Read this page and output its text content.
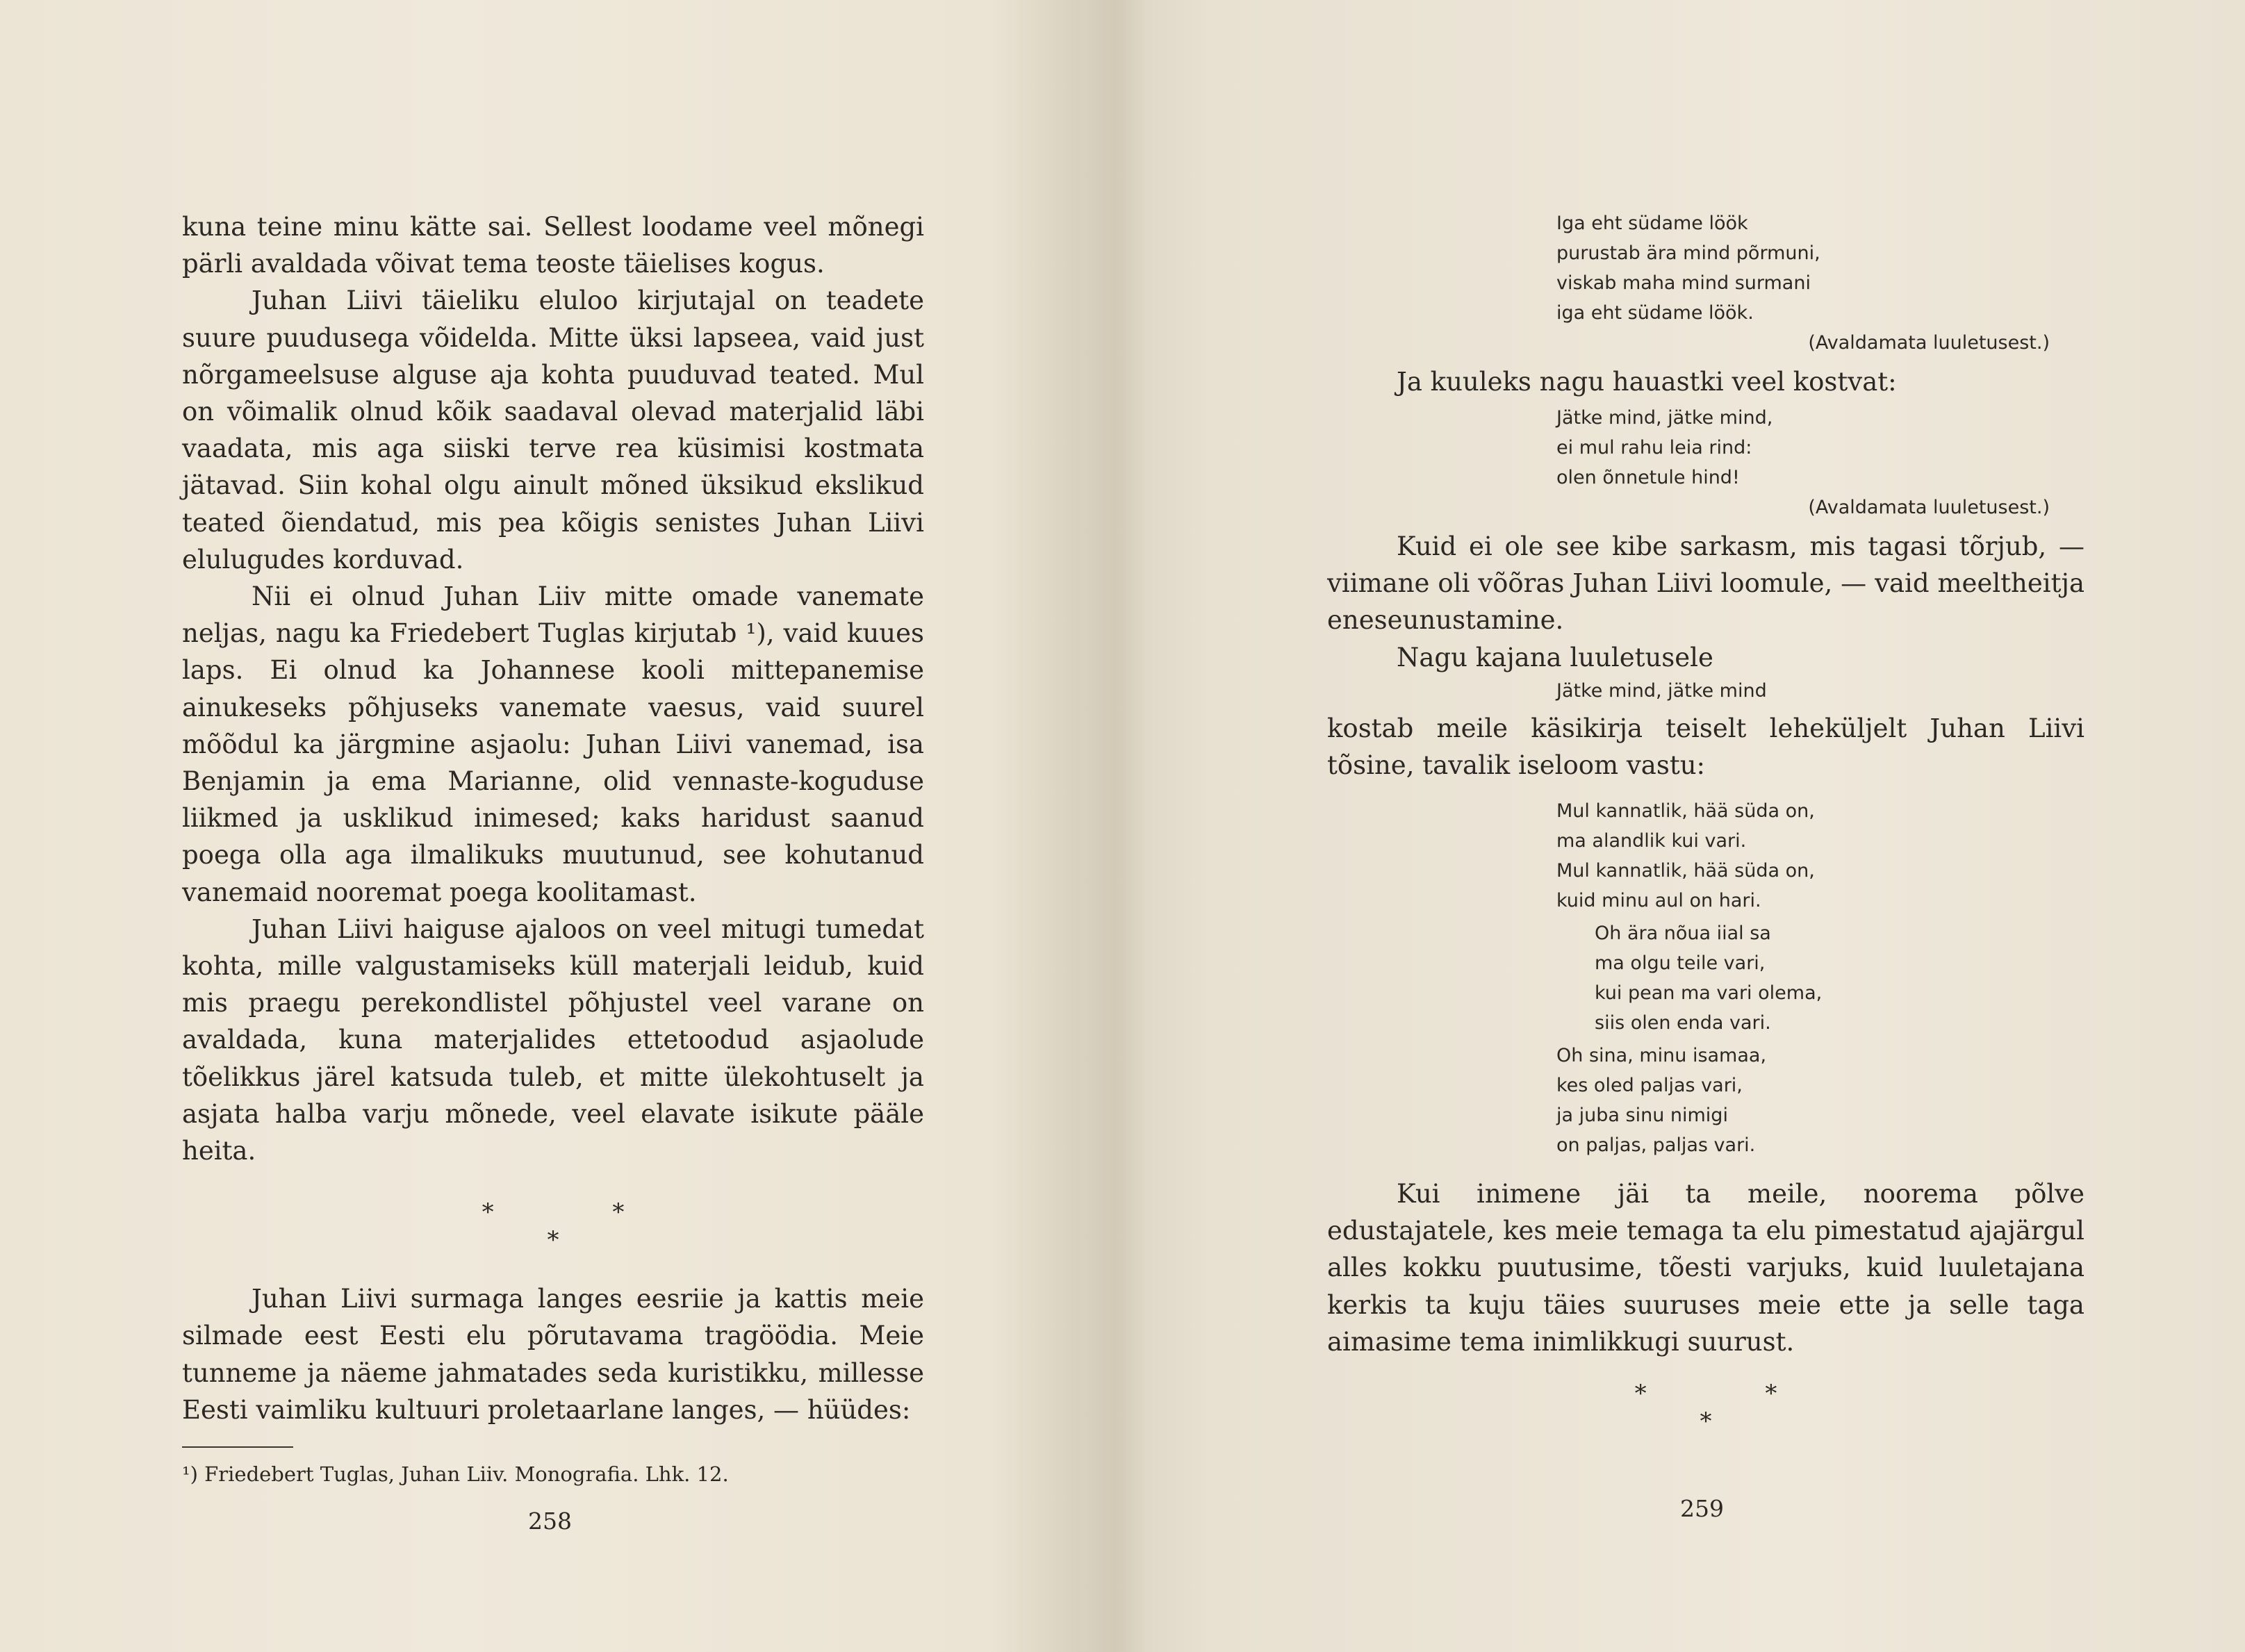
kuna teine minu kätte sai. Sellest loodame veel mõnegi pärli avaldada võivat tema teoste täielises kogus.

Juhan Liivi täieliku eluloo kirjutajal on teadete suure puudusega võidelda. Mitte üksi lapseea, vaid just nõrgameelsuse alguse aja kohta puuduvad teated. Mul on võimalik olnud kõik saadaval olevad materjalid läbi vaadata, mis aga siiski terve rea küsimisi kostmata jätavad. Siin kohal olgu ainult mõned üksikud ekslikud teated õiendatud, mis pea kõigis senistes Juhan Liivi elulugudes korduvad.

Nii ei olnud Juhan Liiv mitte omade vanemate neljas, nagu ka Friedebert Tuglas kirjutab ¹), vaid kuues laps. Ei olnud ka Johannese kooli mittepanemise ainukeseks põhjuseks vanemate vaesus, vaid suurel mõõdul ka järgmine asjaolu: Juhan Liivi vanemad, isa Benjamin ja ema Marianne, olid vennaste-koguduse liikmed ja usklikud inimesed; kaks haridust saanud poega olla aga ilmalikuks muutunud, see kohutanud vanemaid nooremat poega koolitamast.

Juhan Liivi haiguse ajaloos on veel mitugi tumedat kohta, mille valgustamiseks küll materjali leidub, kuid mis praegu perekondlistel põhjustel veel varane on avaldada, kuna materjalides ettetoodud asjaolude tõelikkus järel katsuda tuleb, et mitte ülekohtuselt ja asjata halba varju mõnede, veel elavate isikute pääle heita.

* *
*

Juhan Liivi surmaga langes eesriie ja kattis meie silmade eest Eesti elu põrutavama tragöödia. Meie tunneme ja näeme jahmatades seda kuristikku, millesse Eesti vaimliku kultuuri proletaarlane langes, — hüüdes:

¹) Friedebert Tuglas, Juhan Liiv. Monografia. Lhk. 12.

258
Iga eht südame löök
purustab ära mind põrmuni,
viskab maha mind surmani
iga eht südame löök.
(Avaldamata luuletusest.)

Ja kuuleks nagu hauastki veel kostvat:

Jätke mind, jätke mind,
ei mul rahu leia rind:
olen õnnetule hind!
(Avaldamata luuletusest.)

Kuid ei ole see kibe sarkasm, mis tagasi tõrjub, — viimane oli võõras Juhan Liivi loomule, — vaid meeltheitja eneseunustamine.

Nagu kajana luuletusele

Jätke mind, jätke mind

kostab meile käsikirja teiselt leheküljelt Juhan Liivi tõsine, tavalik iseloom vastu:

Mul kannatlik, hää süda on,
ma alandlik kui vari.
Mul kannatlik, hää süda on,
kuid minu aul on hari.
Oh ära nõua iial sa
ma olgu teile vari,
kui pean ma vari olema,
siis olen enda vari.
Oh sina, minu isamaa,
kes oled paljas vari,
ja juba sinu nimigi
on paljas, paljas vari.

Kui inimene jäi ta meile, noorema põlve edustajatele, kes meie temaga ta elu pimestatud ajajärgul alles kokku puutusime, tõesti varjuks, kuid luuletajana kerkis ta kuju täies suuruses meie ette ja selle taga aimasime tema inimlikkugi suurust.

* *
*
259
